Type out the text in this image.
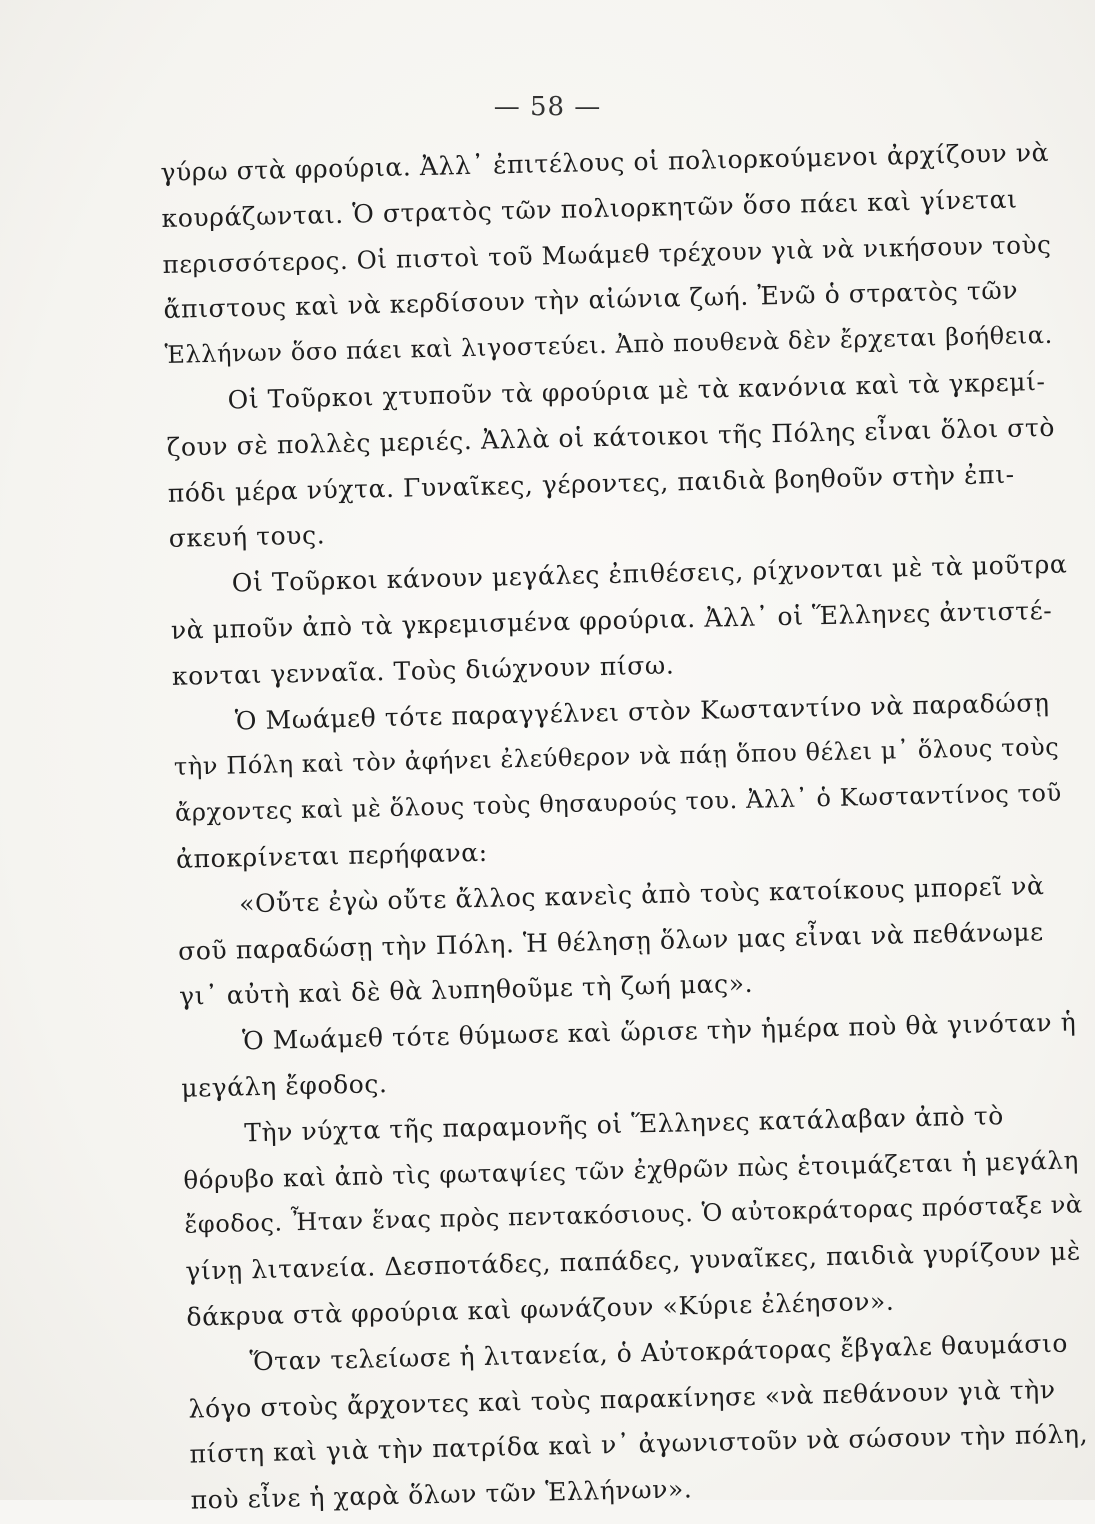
— 58 —
γύρω στὰ φρούρια. Ἀλλ᾽ ἐπιτέλους οἱ πολιορκούμενοι ἀρχίζουν νὰ
κουράζωνται. Ὁ στρατὸς τῶν πολιορκητῶν ὅσο πάει καὶ γίνεται
περισσότερος. Οἱ πιστοὶ τοῦ Μωάμεθ τρέχουν γιὰ νὰ νικήσουν τοὺς
ἄπιστους καὶ νὰ κερδίσουν τὴν αἰώνια ζωή. Ἐνῶ ὁ στρατὸς τῶν
Ἑλλήνων ὅσο πάει καὶ λιγοστεύει. Ἀπὸ πουθενὰ δὲν ἔρχεται βοήθεια.
Οἱ Τοῦρκοι χτυποῦν τὰ φρούρια μὲ τὰ κανόνια καὶ τὰ γκρεμί-
ζουν σὲ πολλὲς μεριές. Ἀλλὰ οἱ κάτοικοι τῆς Πόλης εἶναι ὅλοι στὸ
πόδι μέρα νύχτα. Γυναῖκες, γέροντες, παιδιὰ βοηθοῦν στὴν ἐπι-
σκευή τους.
Οἱ Τοῦρκοι κάνουν μεγάλες ἐπιθέσεις, ρίχνονται μὲ τὰ μοῦτρα
νὰ μποῦν ἀπὸ τὰ γκρεμισμένα φρούρια. Ἀλλ᾽ οἱ Ἕλληνες ἀντιστέ-
κονται γενναῖα. Τοὺς διώχνουν πίσω.
Ὁ Μωάμεθ τότε παραγγέλνει στὸν Κωσταντίνο νὰ παραδώσῃ
τὴν Πόλη καὶ τὸν ἀφήνει ἐλεύθερον νὰ πάῃ ὅπου θέλει μ᾽ ὅλους τοὺς
ἄρχοντες καὶ μὲ ὅλους τοὺς θησαυρούς του. Ἀλλ᾽ ὁ Κωσταντίνος τοῦ
ἀποκρίνεται περήφανα:
«Οὔτε ἐγὼ οὔτε ἄλλος κανεὶς ἀπὸ τοὺς κατοίκους μπορεῖ νὰ
σοῦ παραδώσῃ τὴν Πόλη. Ἡ θέλησῃ ὅλων μας εἶναι νὰ πεθάνωμε
γι᾽ αὐτὴ καὶ δὲ θὰ λυπηθοῦμε τὴ ζωή μας».
Ὁ Μωάμεθ τότε θύμωσε καὶ ὥρισε τὴν ἡμέρα ποὺ θὰ γινόταν ἡ
μεγάλη ἔφοδος.
Τὴν νύχτα τῆς παραμονῆς οἱ Ἕλληνες κατάλαβαν ἀπὸ τὸ
θόρυβο καὶ ἀπὸ τὶς φωταψίες τῶν ἐχθρῶν πὼς ἑτοιμάζεται ἡ μεγάλη
ἔφοδος. Ἦταν ἕνας πρὸς πεντακόσιους. Ὁ αὐτοκράτορας πρόσταξε νὰ
γίνῃ λιτανεία. Δεσποτάδες, παπάδες, γυναῖκες, παιδιὰ γυρίζουν μὲ
δάκρυα στὰ φρούρια καὶ φωνάζουν «Κύριε ἐλέησον».
Ὅταν τελείωσε ἡ λιτανεία, ὁ Αὐτοκράτορας ἔβγαλε θαυμάσιο
λόγο στοὺς ἄρχοντες καὶ τοὺς παρακίνησε «νὰ πεθάνουν γιὰ τὴν
πίστη καὶ γιὰ τὴν πατρίδα καὶ ν᾽ ἀγωνιστοῦν νὰ σώσουν τὴν πόλη,
ποὺ εἶνε ἡ χαρὰ ὅλων τῶν Ἑλλήνων».
